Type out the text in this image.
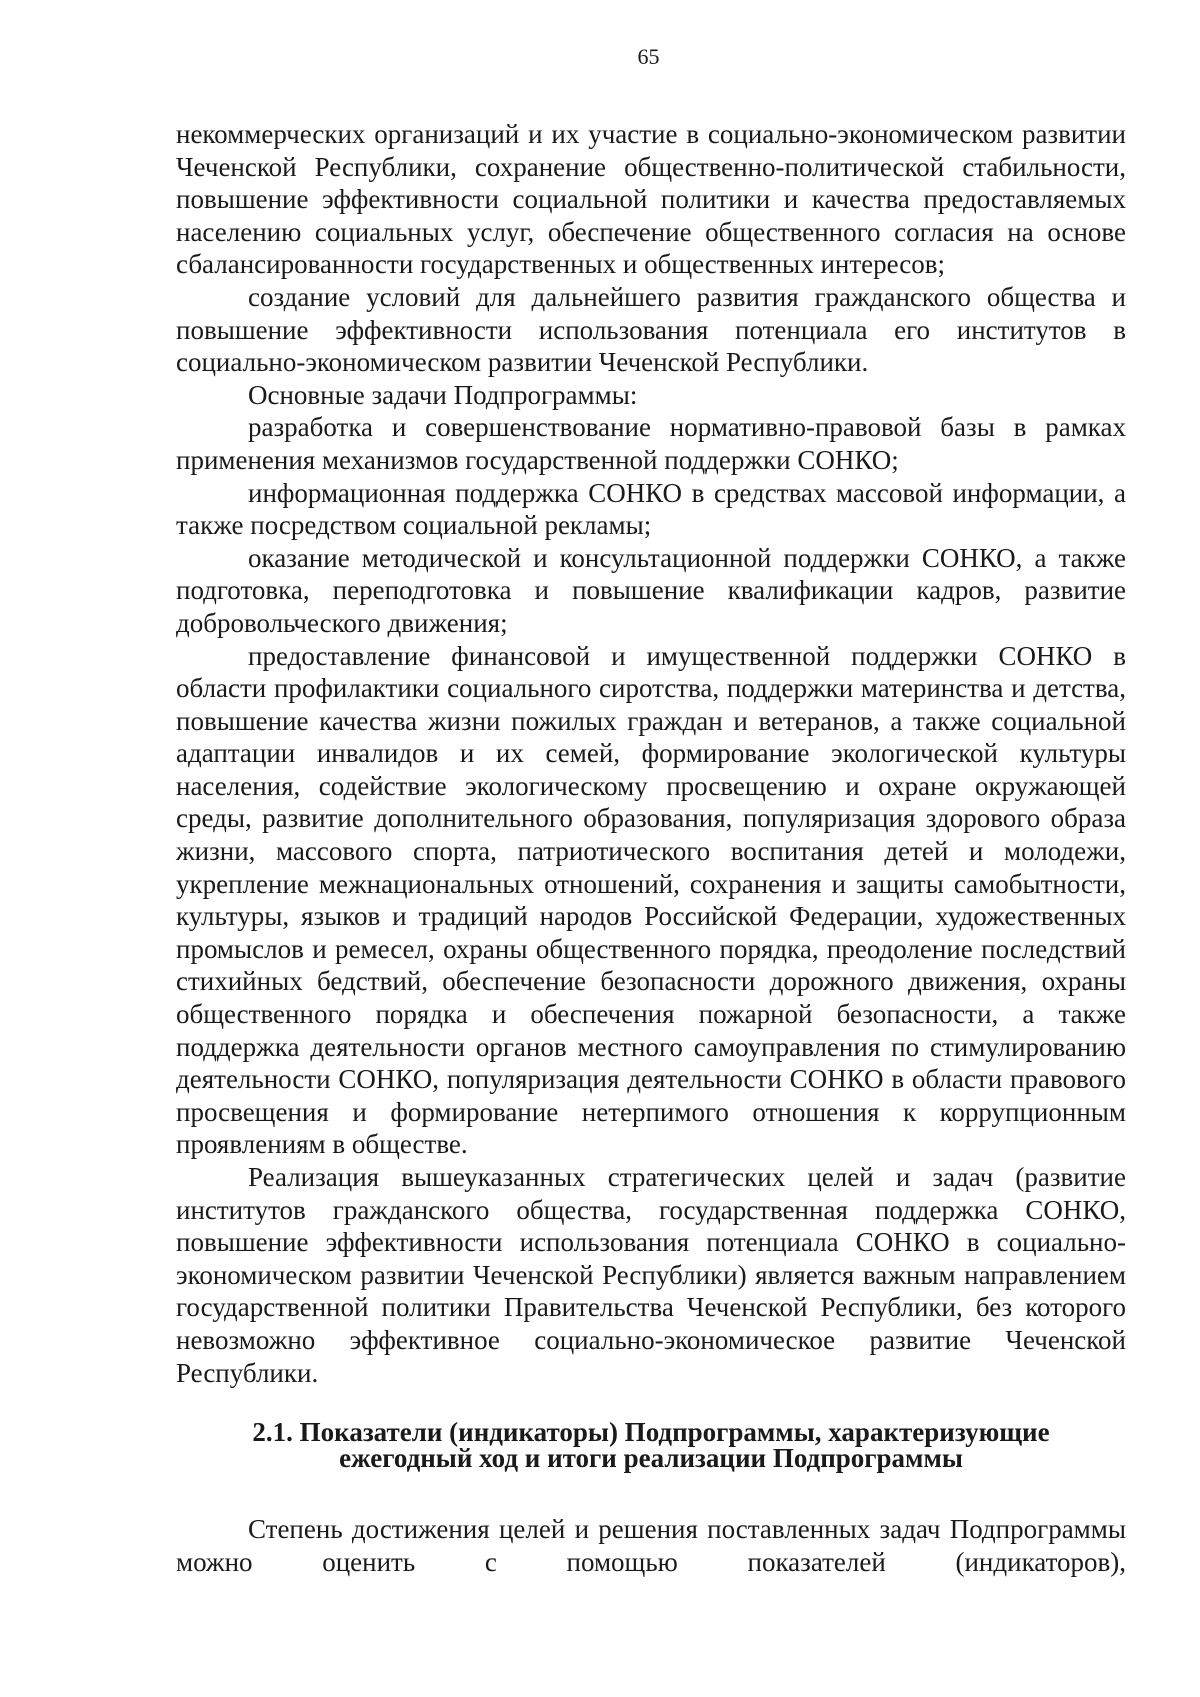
65

некоммерческих организаций и их участие в социально-экономическом развитии Чеченской Республики, сохранение общественно-политической стабильности, повышение эффективности социальной политики и качества предоставляемых населению социальных услуг, обеспечение общественного согласия на основе сбалансированности государственных и общественных интересов;

создание условий для дальнейшего развития гражданского общества и повышение эффективности использования потенциала его институтов в социально-экономическом развитии Чеченской Республики.

Основные задачи Подпрограммы:

разработка и совершенствование нормативно-правовой базы в рамках применения механизмов государственной поддержки СОНКО;

информационная поддержка СОНКО в средствах массовой информации, а также посредством социальной рекламы;

оказание методической и консультационной поддержки СОНКО, а также подготовка, переподготовка и повышение квалификации кадров, развитие добровольческого движения;

предоставление финансовой и имущественной поддержки СОНКО в области профилактики социального сиротства, поддержки материнства и детства, повышение качества жизни пожилых граждан и ветеранов, а также социальной адаптации инвалидов и их семей, формирование экологической культуры населения, содействие экологическому просвещению и охране окружающей среды, развитие дополнительного образования, популяризация здорового образа жизни, массового спорта, патриотического воспитания детей и молодежи, укрепление межнациональных отношений, сохранения и защиты самобытности, культуры, языков и традиций народов Российской Федерации, художественных промыслов и ремесел, охраны общественного порядка, преодоление последствий стихийных бедствий, обеспечение безопасности дорожного движения, охраны общественного порядка и обеспечения пожарной безопасности, а также поддержка деятельности органов местного самоуправления по стимулированию деятельности СОНКО, популяризация деятельности СОНКО в области правового просвещения и формирование нетерпимого отношения к коррупционным проявлениям в обществе.

Реализация вышеуказанных стратегических целей и задач (развитие институтов гражданского общества, государственная поддержка СОНКО, повышение эффективности использования потенциала СОНКО в социально-экономическом развитии Чеченской Республики) является важным направлением государственной политики Правительства Чеченской Республики, без которого невозможно эффективное социально-экономическое развитие Чеченской Республики.

2.1. Показатели (индикаторы) Подпрограммы, характеризующие
ежегодный ход и итоги реализации Подпрограммы

Степень достижения целей и решения поставленных задач Подпрограммы можно оценить с помощью показателей (индикаторов),
